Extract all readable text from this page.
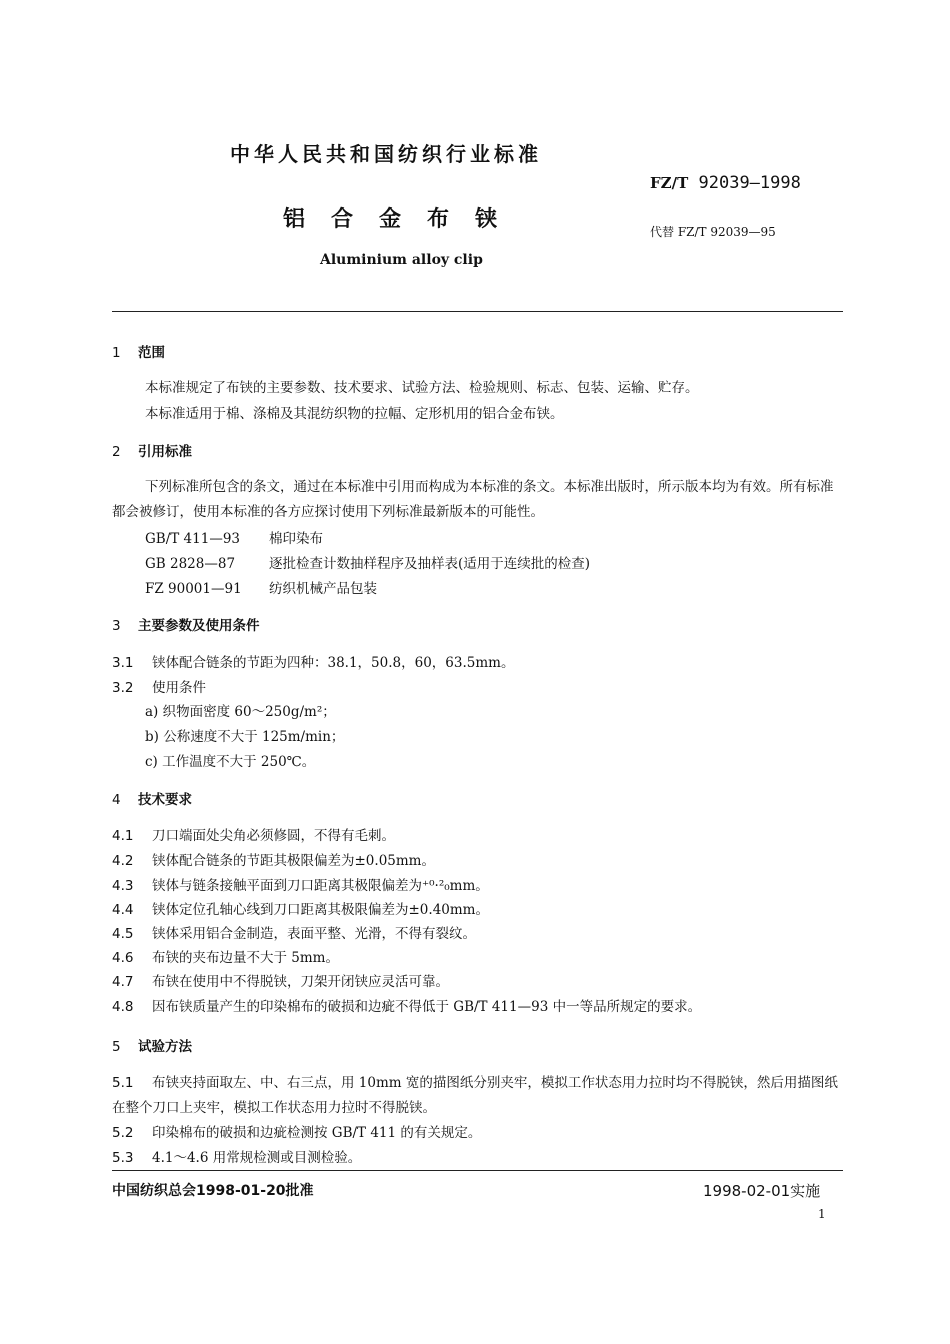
中华人民共和国纺织行业标准
FZ/T 92039—1998
铝合金布铗	代替 FZ/T 92039—95
Aluminium alloy clip
1 范围
本标准规定了布铗的主要参数、技术要求、试验方法、检验规则、标志、包装、运输、贮存。
本标准适用于棉、涤棉及其混纺织物的拉幅、定形机用的铝合金布铗。
2 引用标准
下列标准所包含的条文，通过在本标准中引用而构成为本标准的条文。本标准出版时，所示版本均为有效。所有标准都会被修订，使用本标准的各方应探讨使用下列标准最新版本的可能性。
GB/T 411—93 棉印染布
GB 2828—87	逐批检查计数抽样程序及抽样表(适用于连续批的检查)
FZ 90001—91 纺织机械产品包装
3 主要参数及使用条件
3.1 铗体配合链条的节距为四种：38.1，50.8，60，63.5mm。
3.2 使用条件
a) 织物面密度 60～250g/m²；
b) 公称速度不大于 125m/min；
c) 工作温度不大于 250℃。
4 技术要求
4.1 刀口端面处尖角必须修圆，不得有毛刺。
4.2 铗体配合链条的节距其极限偏差为±0.05mm。
4.3 铗体与链条接触平面到刀口距离其极限偏差为⁺⁰·²₀mm。
4.4 铗体定位孔轴心线到刀口距离其极限偏差为±0.40mm。
4.5 铗体采用铝合金制造，表面平整、光滑，不得有裂纹。
4.6 布铗的夹布边量不大于 5mm。
4.7 布铗在使用中不得脱铗，刀架开闭铗应灵活可靠。
4.8 因布铗质量产生的印染棉布的破损和边疵不得低于 GB/T 411—93 中一等品所规定的要求。
5 试验方法
5.1 布铗夹持面取左、中、右三点，用 10mm 宽的描图纸分别夹牢，模拟工作状态用力拉时均不得脱铗，然后用描图纸在整个刀口上夹牢，模拟工作状态用力拉时不得脱铗。
5.2 印染棉布的破损和边疵检测按 GB/T 411 的有关规定。
5.3 4.1～4.6 用常规检测或目测检验。
中国纺织总会1998-01-20批准	1998-02-01实施
1
